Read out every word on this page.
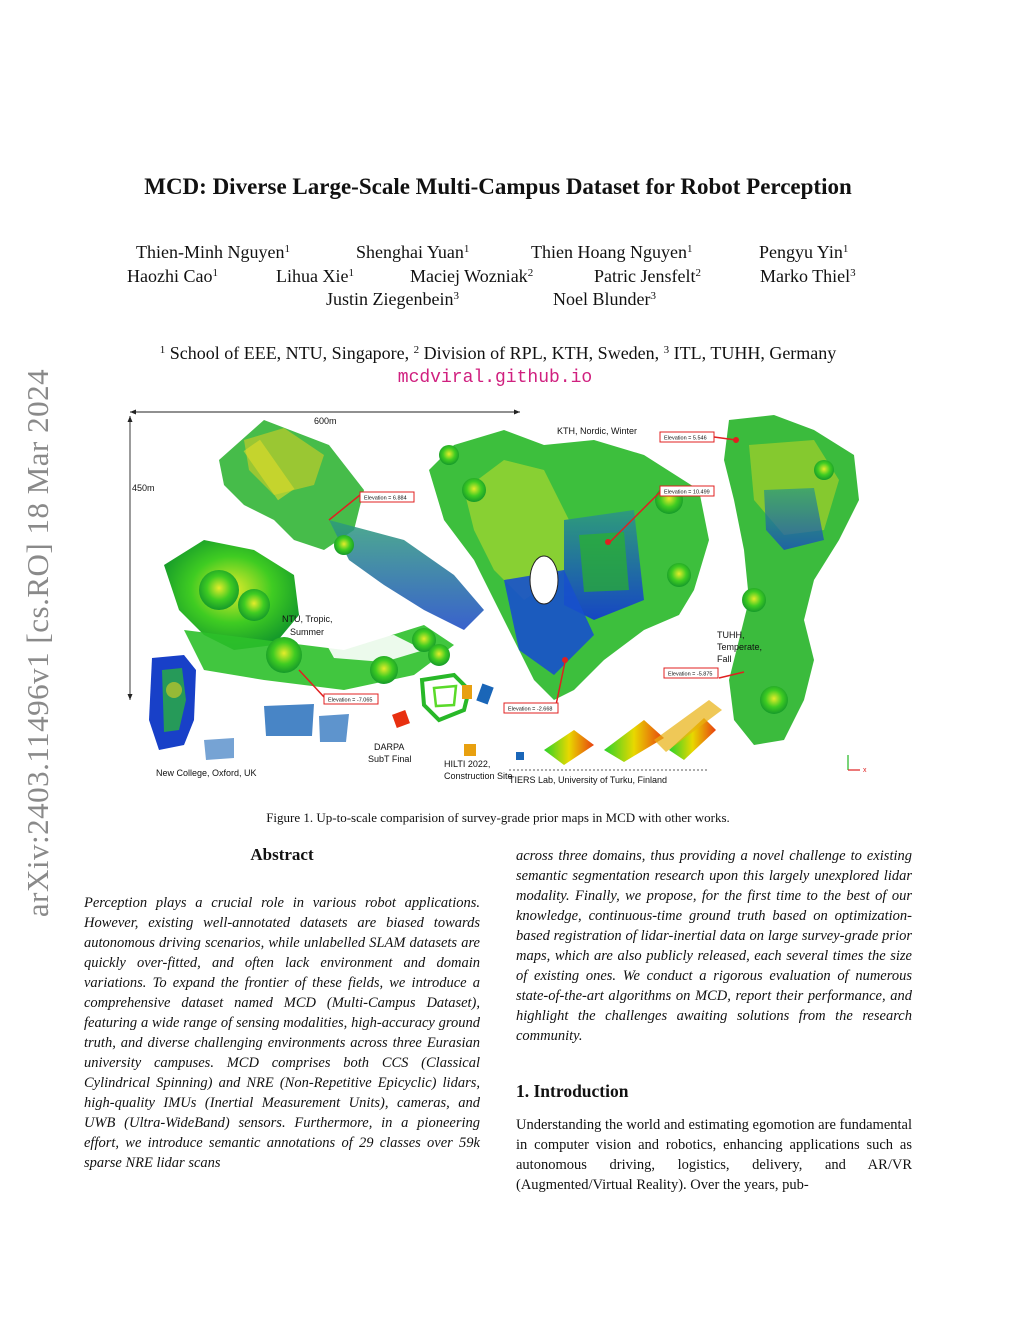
arXiv:2403.11496v1 [cs.RO] 18 Mar 2024
MCD: Diverse Large-Scale Multi-Campus Dataset for Robot Perception
Thien-Minh Nguyen$^1$	Shenghai Yuan$^1$	Thien Hoang Nguyen$^1$	Pengyu Yin$^1$
Haozhi Cao$^1$	Lihua Xie$^1$	Maciej Wozniak$^2$	Patric Jensfelt$^2$	Marko Thiel$^3$
Justin Ziegenbein$^3$	Noel Blunder$^3$
$^1$ School of EEE, NTU, Singapore, $^2$ Division of RPL, KTH, Sweden, $^3$ ITL, TUHH, Germany
mcdviral.github.io
600m
450m
NTU, Tropic,
Summer
New College, Oxford, UK
KTH, Nordic, Winter
TUHH,
Temperate,
Fall
DARPA
SubT Final	HILTI 2022,
Construction Site
TIERS Lab, University of Turku, Finland
Elevation = 6.884
Elevation = -7.065
Elevation = -2.668
Elevation = 5.546
Elevation = 10.499
Elevation = -5.875
x
Figure 1. Up-to-scale comparision of survey-grade prior maps in MCD with other works.
Abstract
Perception plays a crucial role in various robot applications. However, existing well-annotated datasets are biased towards autonomous driving scenarios, while unlabelled SLAM datasets are quickly over-fitted, and often lack environment and domain variations. To expand the frontier of these fields, we introduce a comprehensive dataset named MCD (Multi-Campus Dataset), featuring a wide range of sensing modalities, high-accuracy ground truth, and diverse challenging environments across three Eurasian university campuses. MCD comprises both CCS (Classical Cylindrical Spinning) and NRE (Non-Repetitive Epicyclic) lidars, high-quality IMUs (Inertial Measurement Units), cameras, and UWB (Ultra-WideBand) sensors. Furthermore, in a pioneering effort, we introduce semantic annotations of 29 classes over 59k sparse NRE lidar scans
across three domains, thus providing a novel challenge to existing semantic segmentation research upon this largely unexplored lidar modality. Finally, we propose, for the first time to the best of our knowledge, continuous-time ground truth based on optimization-based registration of lidar-inertial data on large survey-grade prior maps, which are also publicly released, each several times the size of existing ones. We conduct a rigorous evaluation of numerous state-of-the-art algorithms on MCD, report their performance, and highlight the challenges awaiting solutions from the research community.
1. Introduction
Understanding the world and estimating egomotion are fundamental in computer vision and robotics, enhancing applications such as autonomous driving, logistics, delivery, and AR/VR (Augmented/Virtual Reality). Over the years, pub-
